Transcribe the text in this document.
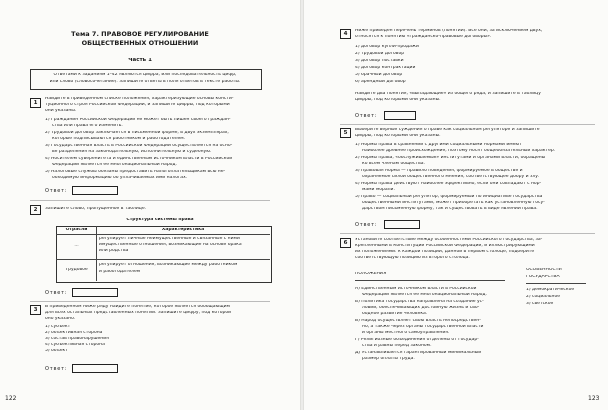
Тема 7. ПРАВОВОЕ РЕГУЛИРОВАНИЕ
ОБЩЕСТВЕННЫХ ОТНОШЕНИЙ
Часть 1
Ответами к заданиям 1–42 являются цифра, или последовательность цифр,
или слово (словосочетание). Запишите ответы в поля ответов в тексте работы.
1
Найдите в приведённом списке положения, характеризующие основы консти-
туционного строя Российской Федерации, и запишите цифры, под которыми
они указаны.
1) Гражданин Российской Федерации не может быть лишен своего граждан-
ства или права его изменить.
2) Трудовой договор заключается в письменной форме, в двух экземплярах,
которые подписываются работником и работодателем.
3) Государственная власть в Российской Федерации осуществляется на осно-
ве разделения на законодательную, исполнительную и судебную.
4) Носителем суверенитета и единственным источником власти в Российской
Федерации является ее многонациональный народ.
5) Налоговые службы обязаны предоставить налогоплательщикам всю не-
обходимую информацию об уплачиваемых ими налогах.
Ответ:
2	Запишите слово, пропущенное в таблице.
Структура системы права
Отрасли	Характеристика
...
регулирует личные неимущественные и связанные с ними
имущественные отношения, возникающие на основе брака
или родства
Трудовое
регулирует отношения, возникающие между работником
и работодателем
Ответ:
3
В приведённом ниже ряду найдите понятие, которое является обобщающим
для всех остальных представленных понятий. Запишите цифру, под которой
оно указано.
1) субъект
2) объективная сторона
3) состав правонарушения
4) субъективная сторона
5) объект
Ответ:
122
4
Ниже приведён перечень терминов (понятий). Все они, за исключением двух,
относятся к понятию «гражданско-правовые договоры».
1) договор купли-продажи
2) трудовой договор
3) договор поставки
4) договор контрактации
5) брачный договор
6) арендный договор
Найдите два понятия, «выпадающие» из общего ряда, и запишите в таблицу
цифры, под которыми они указаны.
Ответ:
5
Выберите верные суждения о праве как социальном регуляторе и запишите
цифры, под которыми они указаны.
1) Нормы права в сравнении с другими социальными нормами имеют
наиболее древнее происхождение, поэтому носят общеобязательный характер.
2) Нормы права, «обслуживаемые» институтами и органами власти, обращены
ко всем членам общества.
3) Правовая норма — правило поведения, формируемое в обществе и
охраняемое силой общественного мнения, соответствующее добру и злу.
4) Нормы права действуют наиболее эффективно, если они совпадают с нор-
мами морали.
5) Право — социальный регулятор, формируемый по инициативе государства
общественными институтами, может приобретать как установленную госу-
дарством письменную форму, так и существовать в виде явлений права.
Ответ:
6
Установите соответствие между особенностями Российского государства, за-
креплёнными в Конституции Российской Федерации, и иллюстрирующими
их положениями: к каждой позиции, данной в первом столбце, подберите
соответствующую позицию из второго столбца.
ПОЛОЖЕНИЯ
ОСОБЕННОСТИ
ГОСУДАРСТВА
А) Единственным источником власти в Российской
Федерации является её многонациональный народ.
Б) Политика государства направлена на создание ус-
ловий, обеспечивающих достойную жизнь и сво-
бодное развитие человека.
В) Народ осуществляет свою власть непосредствен-
но, а также через органы государственной власти
и органы местного самоуправления.
Г) Религиозные объединения отделены от государ-
ства и равны перед законом.
Д) Устанавливается гарантированный минимальный
размер оплаты труда.
1) демократическое
2) социальное
3) светское
123
